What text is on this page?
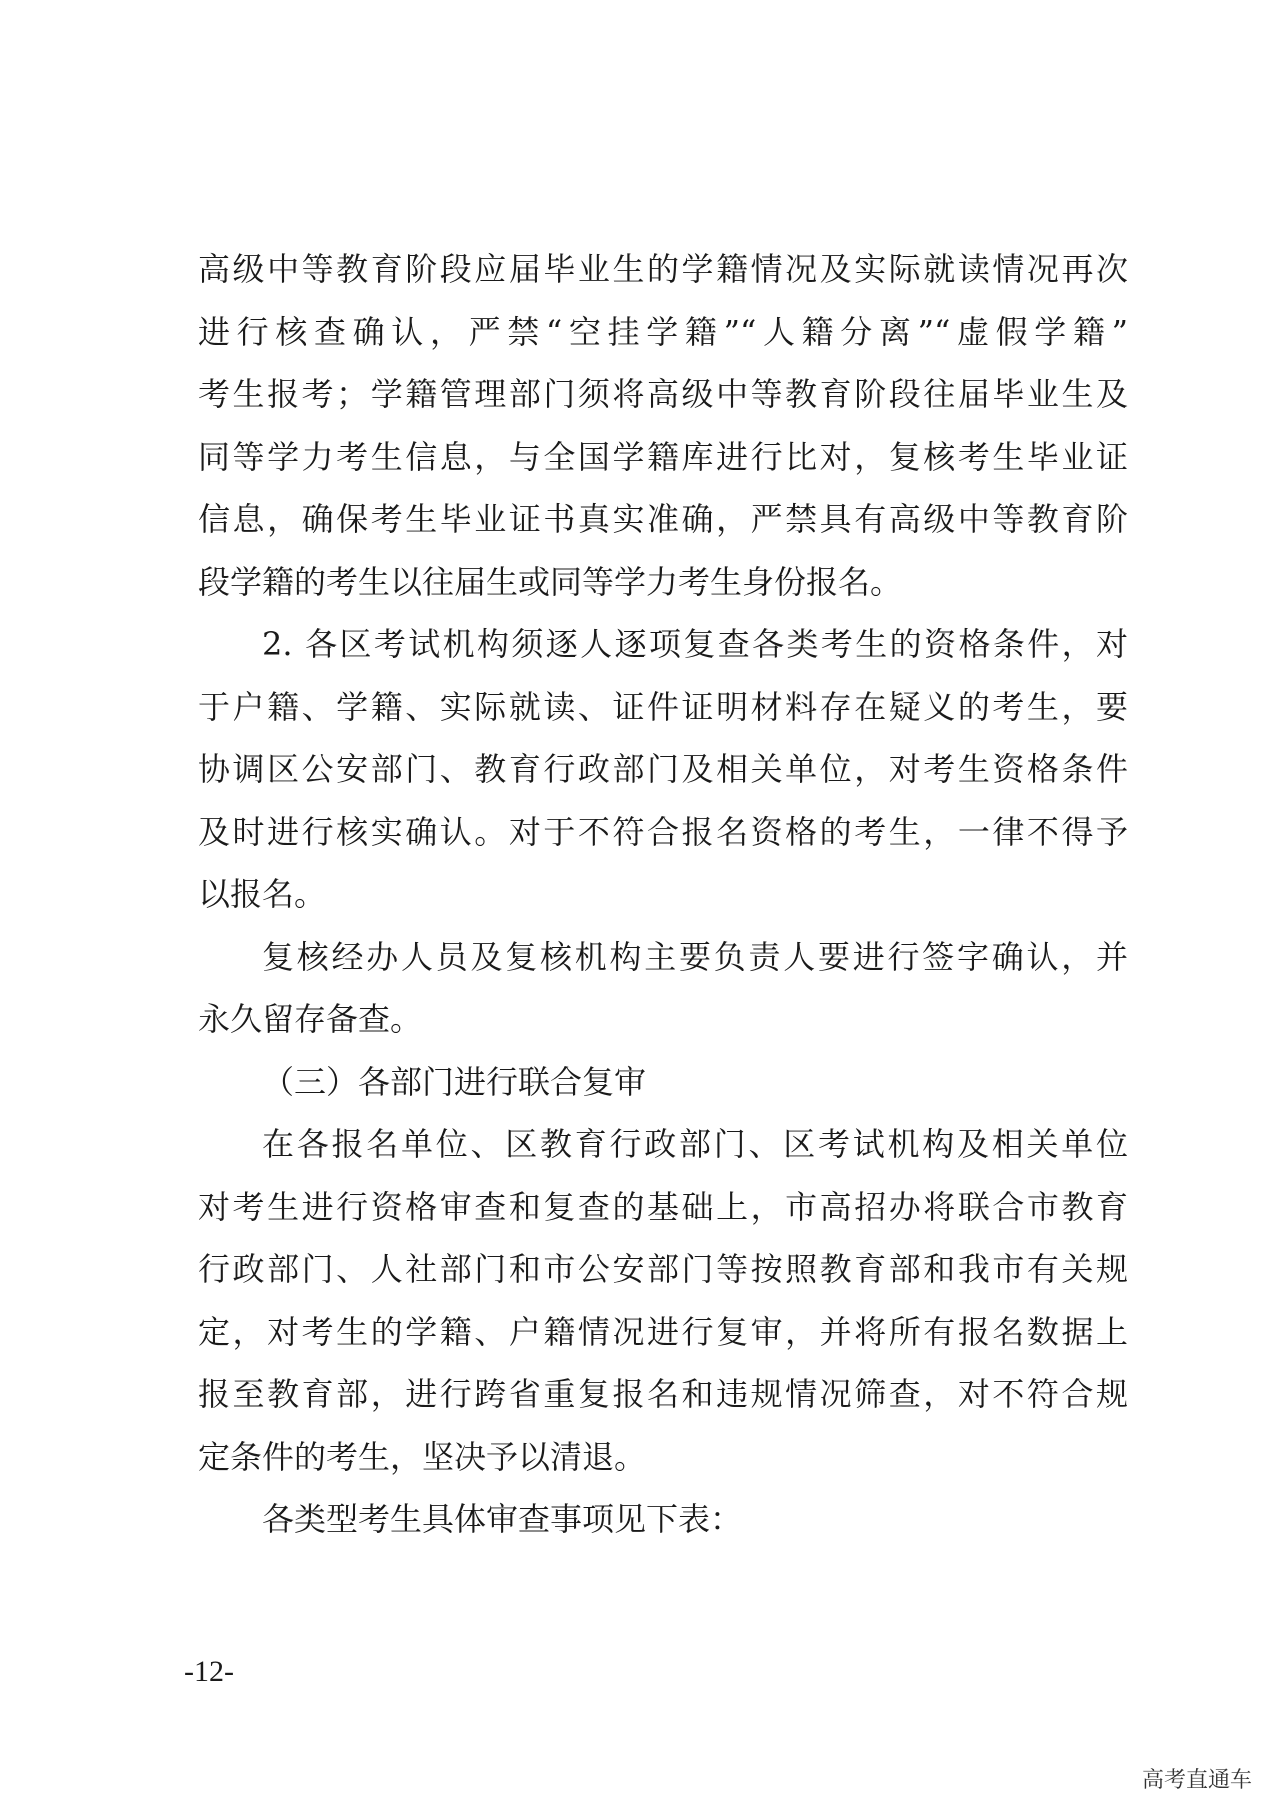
高级中等教育阶段应届毕业生的学籍情况及实际就读情况再次
进行核查确认，严禁“空挂学籍”“人籍分离”“虚假学籍”
考生报考；学籍管理部门须将高级中等教育阶段往届毕业生及
同等学力考生信息，与全国学籍库进行比对，复核考生毕业证
信息，确保考生毕业证书真实准确，严禁具有高级中等教育阶
段学籍的考生以往届生或同等学力考生身份报名。
2. 各区考试机构须逐人逐项复查各类考生的资格条件，对
于户籍、学籍、实际就读、证件证明材料存在疑义的考生，要
协调区公安部门、教育行政部门及相关单位，对考生资格条件
及时进行核实确认。对于不符合报名资格的考生，一律不得予
以报名。
复核经办人员及复核机构主要负责人要进行签字确认，并
永久留存备查。
（三）各部门进行联合复审
在各报名单位、区教育行政部门、区考试机构及相关单位
对考生进行资格审查和复查的基础上，市高招办将联合市教育
行政部门、人社部门和市公安部门等按照教育部和我市有关规
定，对考生的学籍、户籍情况进行复审，并将所有报名数据上
报至教育部，进行跨省重复报名和违规情况筛查，对不符合规
定条件的考生，坚决予以清退。
各类型考生具体审查事项见下表：
-12-
高考直通车
